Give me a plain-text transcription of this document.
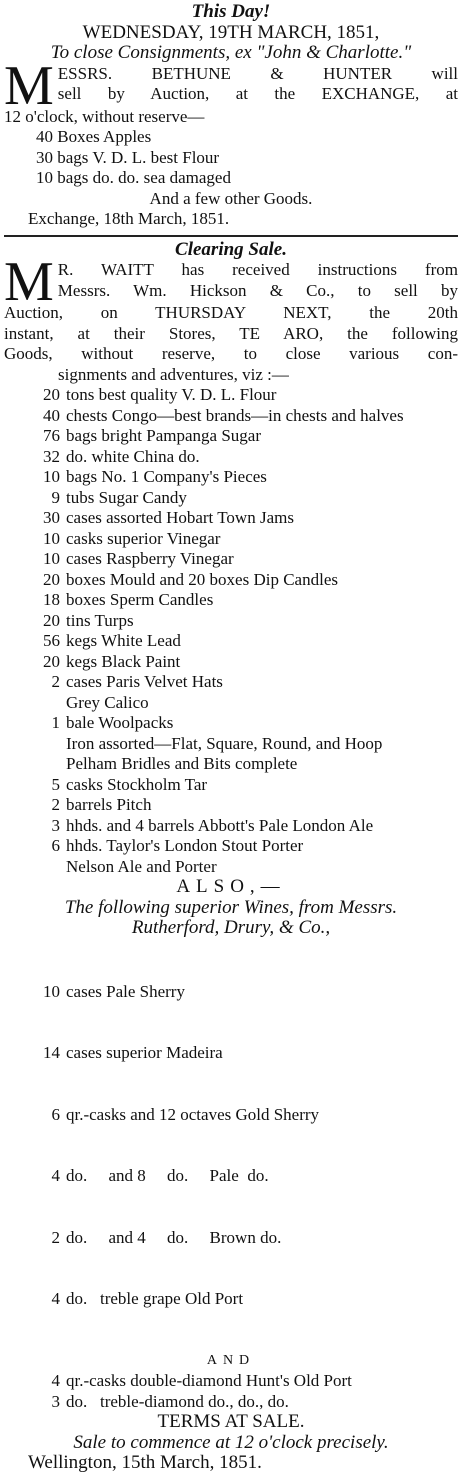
This Day!
WEDNESDAY, 19TH MARCH, 1851,
To close Consignments, ex "John & Charlotte."
M ESSRS. BETHUNE & HUNTER will
sell by Auction, at the EXCHANGE, at
12 o'clock, without reserve—
40 Boxes Apples
30 bags V. D. L. best Flour
10 bags do. do. sea damaged
And a few other Goods.
Exchange, 18th March, 1851.
Clearing Sale.
M R. WAITT has received instructions from
Messrs. Wm. Hickson & Co., to sell by
Auction, on THURSDAY NEXT, the 20th
instant, at their Stores, TE ARO, the following
Goods, without reserve, to close various con-
signments and adventures, viz :—
20 tons best quality V. D. L. Flour
40 chests Congo—best brands—in chests and halves
76 bags bright Pampanga Sugar
32 do. white China do.
10 bags No. 1 Company's Pieces
9 tubs Sugar Candy
30 cases assorted Hobart Town Jams
10 casks superior Vinegar
10 cases Raspberry Vinegar
20 boxes Mould and 20 boxes Dip Candles
18 boxes Sperm Candles
20 tins Turps
56 kegs White Lead
20 kegs Black Paint
2 cases Paris Velvet Hats
Grey Calico
1 bale Woolpacks
Iron assorted—Flat, Square, Round, and Hoop
Pelham Bridles and Bits complete
5 casks Stockholm Tar
2 barrels Pitch
3 hhds. and 4 barrels Abbott's Pale London Ale
6 hhds. Taylor's London Stout Porter
Nelson Ale and Porter
ALSO,—
The following superior Wines, from Messrs.
Rutherford, Drury, & Co.,

10 cases Pale Sherry

14 cases superior Madeira

6 qr.-casks and 12 octaves Gold Sherry

4 do.     and 8     do.     Pale  do.

2 do.     and 4     do.     Brown do.

4 do.   treble grape Old Port

AND
4 qr.-casks double-diamond Hunt's Old Port
3 do.   treble-diamond do., do., do.
TERMS AT SALE.
Sale to commence at 12 o'clock precisely.
Wellington, 15th March, 1851.
